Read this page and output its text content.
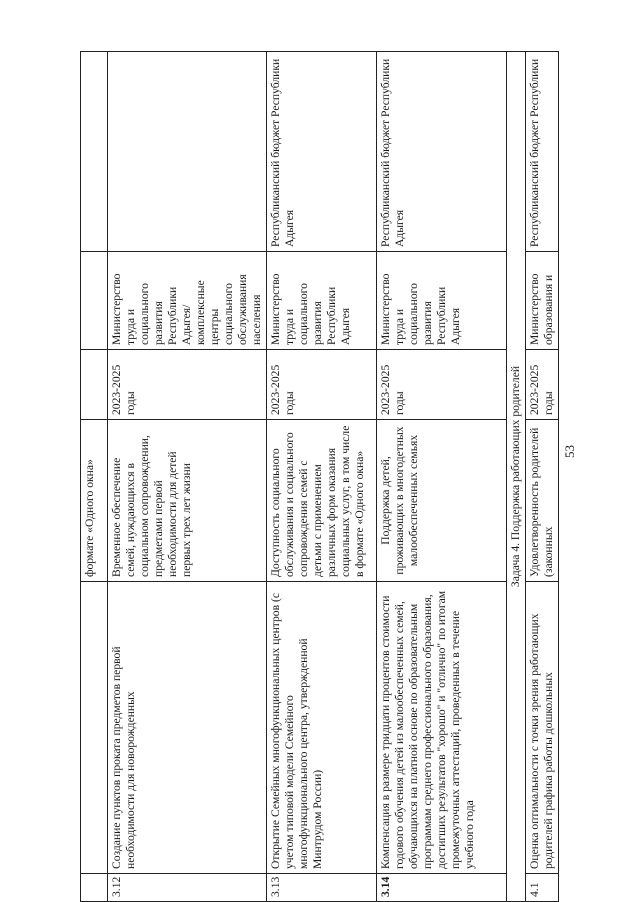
		формате «Одного окна»			
3.12	Создание пунктов проката предметов первой необходимости для новорожденных	Временное обеспечение семей, нуждающихся в социальном сопровождении, предметами первой необходимости для детей первых трех лет жизни	2023-2025 годы	Министерство труда и социального развития Республики Адыгея/комплексные центры социального обслуживания населения	
3.13	Открытие Семейных многофункциональных центров (с учетом типовой модели Семейного многофункционального центра, утвержденной Минтрудом России)	Доступность социального обслуживания и социального сопровождения семей с детьми с применением различных форм оказания социальных услуг, в том числе в формате «Одного окна»	2023-2025 годы	Министерство труда и социального развития Республики Адыгея	Республиканский бюджет Республики Адыгея
3.14	Компенсация в размере тридцати процентов стоимости годового обучения детей из малообеспеченных семей, обучающихся на платной основе по образовательным программам среднего профессионального образования, достигших результатов "хорошо" и "отлично" по итогам промежуточных аттестаций, проведенных в течение учебного года	Поддержка детей, проживающих в многодетных малообеспеченных семьях	2023-2025 годы	Министерство труда и социального развития Республики Адыгея	Республиканский бюджет Республики Адыгея
Задача 4. Поддержка работающих родителей					
4.1	Оценка оптимальности с точки зрения работающих родителей графика работы дошкольных	Удовлетворенность родителей (законных	2023-2025 годы	Министерство образования и	Республиканский бюджет Республики
53
